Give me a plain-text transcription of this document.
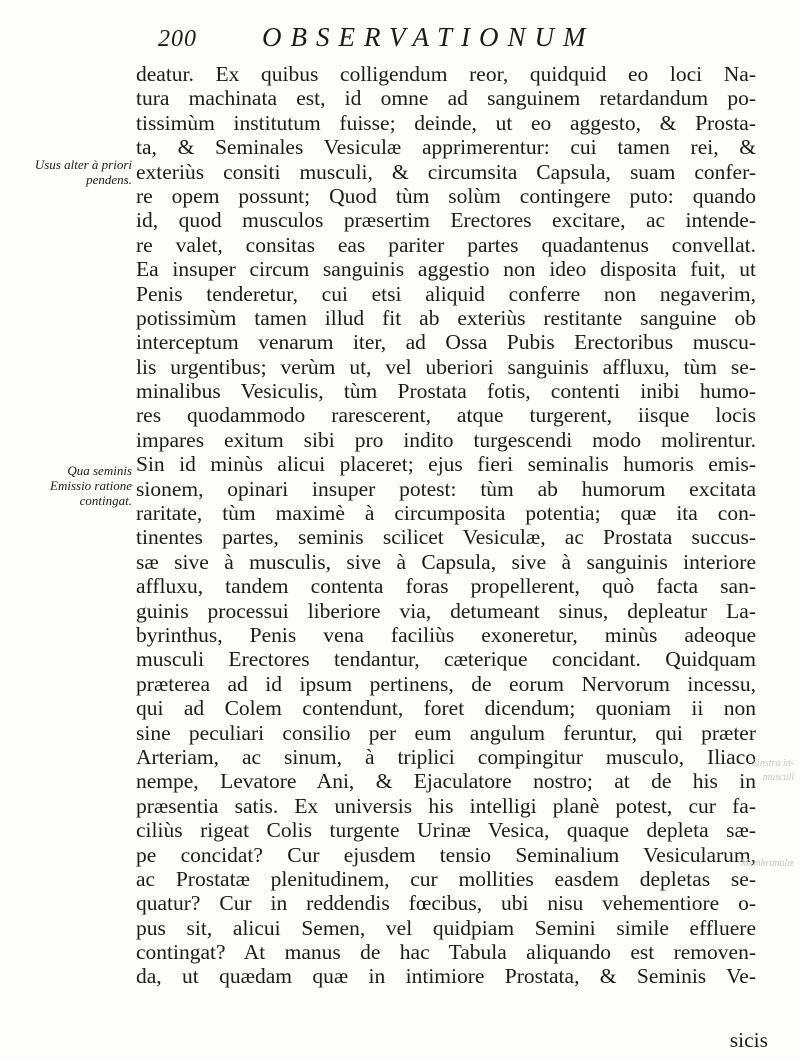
200 OBSERVATIONUM
Usus alter à priori pendens.
Qua seminis Emissio ratione contingat.
deatur. Ex quibus colligendum reor, quidquid eo loci Na-
tura machinata est, id omne ad sanguinem retardandum po-
tissimùm institutum fuisse; deinde, ut eo aggesto, & Prosta-
ta, & Seminales Vesiculæ apprimerentur: cui tamen rei, &
exteriùs consiti musculi, & circumsita Capsula, suam confer-
re opem possunt; Quod tùm solùm contingere puto: quando
id, quod musculos præsertim Erectores excitare, ac intende-
re valet, consitas eas pariter partes quadantenus convellat.
Ea insuper circum sanguinis aggestio non ideo disposita fuit, ut
Penis tenderetur, cui etsi aliquid conferre non negaverim,
potissimùm tamen illud fit ab exteriùs restitante sanguine ob
interceptum venarum iter, ad Ossa Pubis Erectoribus muscu-
lis urgentibus; verùm ut, vel uberiori sanguinis affluxu, tùm se-
minalibus Vesiculis, tùm Prostata fotis, contenti inibi humo-
res quodammodo rarescerent, atque turgerent, iisque locis
impares exitum sibi pro indito turgescendi modo molirentur.
Sin id minùs alicui placeret; ejus fieri seminalis humoris emis-
sionem, opinari insuper potest: tùm ab humorum excitata
raritate, tùm maximè à circumposita potentia; quæ ita con-
tinentes partes, seminis scilicet Vesiculæ, ac Prostata succus-
sæ sive à musculis, sive à Capsula, sive à sanguinis interiore
affluxu, tandem contenta foras propellerent, quò facta san-
guinis processui liberiore via, detumeant sinus, depleatur La-
byrinthus, Penis vena faciliùs exoneretur, minùs adeoque
musculi Erectores tendantur, cæterique concidant. Quidquam
præterea ad id ipsum pertinens, de eorum Nervorum incessu,
qui ad Colem contendunt, foret dicendum; quoniam ii non
sine peculiari consilio per eum angulum feruntur, qui præter
Arteriam, ac sinum, à triplici compingitur musculo, Iliaco
nempe, Levatore Ani, & Ejaculatore nostro; at de his in
præsentia satis. Ex universis his intelligi planè potest, cur fa-
ciliùs rigeat Colis turgente Urinæ Vesica, quaque depleta sæ-
pe concidat? Cur ejusdem tensio Seminalium Vesicularum,
ac Prostatæ plenitudinem, cur mollities easdem depletas se-
quatur? Cur in reddendis fœcibus, ubi nisu vehementiore o-
pus sit, alicui Semen, vel quidpiam Semini simile effluere
contingat? At manus de hac Tabula aliquando est removen-
da, ut quædam quæ in intimiore Prostata, & Seminis Ve-
Sinstra in-
musculi
Membranulæ
sicis
